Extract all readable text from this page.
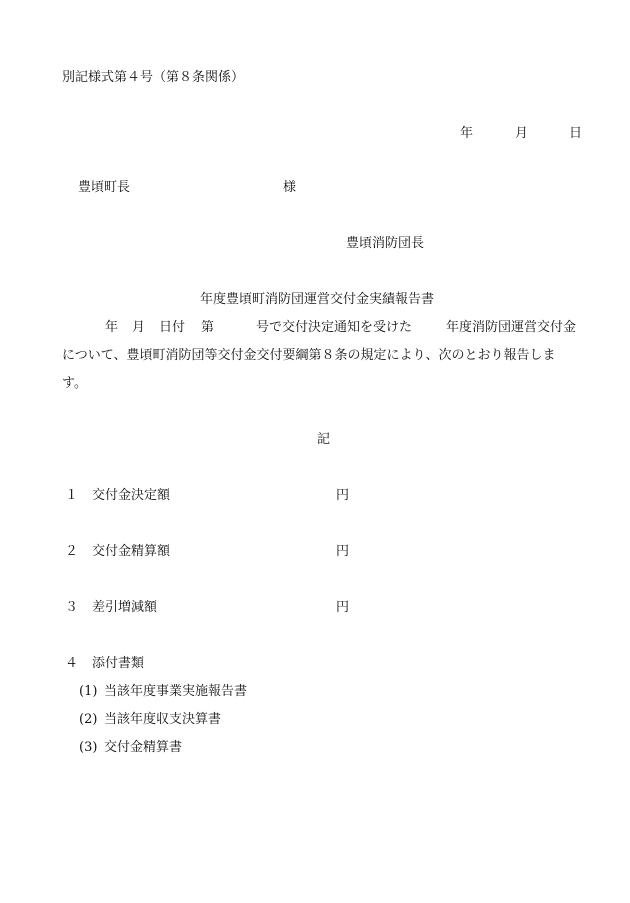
別記様式第４号（第８条関係）
年	月	日
豊頃町長	様
豊頃消防団長
年度豊頃町消防団運営交付金実績報告書
年 月 日付 第	号で交付決定通知を受けた	年度消防団運営交付金
について、豊頃町消防団等交付金交付要綱第８条の規定により、次のとおり報告しま
す。
記
１ 交付金決定額	円
２ 交付金精算額	円
３ 差引増減額	円
４ 添付書類
(1) 当該年度事業実施報告書
(2) 当該年度収支決算書
(3) 交付金精算書
